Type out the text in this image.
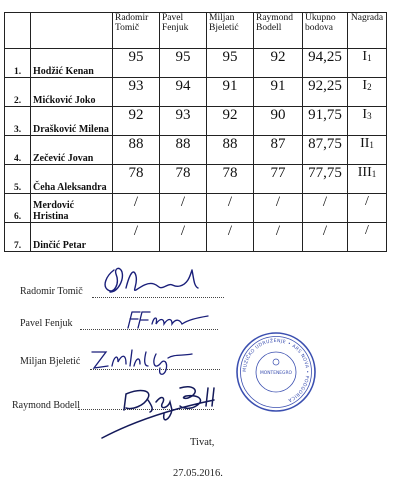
		Radomir Tomič	Pavel Fenjuk	Miljan Bjeletić	Raymond Bodell	Ukupno bodova	Nagrada
1.	Hodžić Kenan	95	95	95	92	94,25	$I_1$
2.	Mićković Joko	93	94	91	91	92,25	$I_2$
3.	Drašković Milena	92	93	92	90	91,75	$I_3$
4.	Zečević Jovan	88	88	88	87	87,75	$II_1$
5.	Čeha Aleksandra	78	78	78	77	77,75	$III_1$
6.	Merdović Hristina	/	/	/	/	/	/
7.	Dinčić Petar	/	/	/	/	/	/
Radomir Tomič
Pavel Fenjuk
Miljan Bjeletić
Raymond Bodell
MUZIČKO UDRUŽENJE • ARS NOVA • PODGORICA
MONTENEGRO
Tivat,
27.05.2016.
